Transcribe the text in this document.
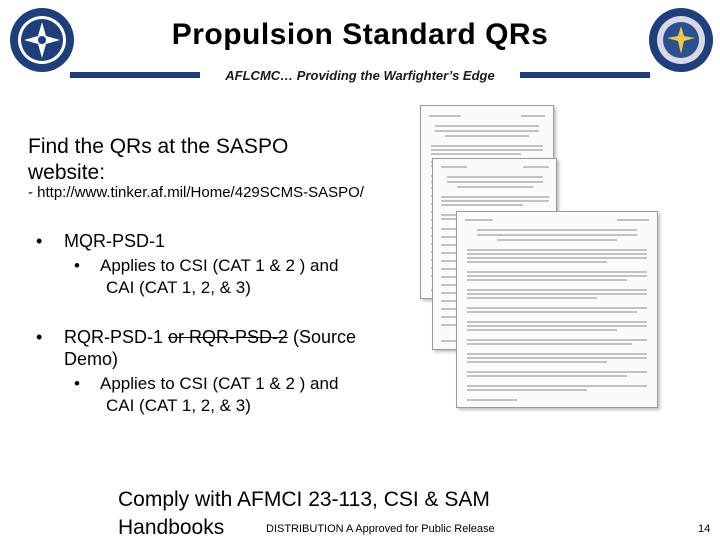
Propulsion Standard QRs
AFLCMC… Providing the Warfighter’s Edge
Find the QRs at the SASPO website:
- http://www.tinker.af.mil/Home/429SCMS-SASPO/
• MQR-PSD-1
• Applies to CSI (CAT 1 & 2 ) and
CAI (CAT 1, 2, & 3)
• RQR-PSD-1 or RQR-PSD-2 (Source
Demo)
• Applies to CSI (CAT 1 & 2 ) and
CAI (CAT 1, 2, & 3)
Comply with AFMCI 23-113, CSI & SAM
Handbooks	DISTRIBUTION A Approved for Public Release	14
